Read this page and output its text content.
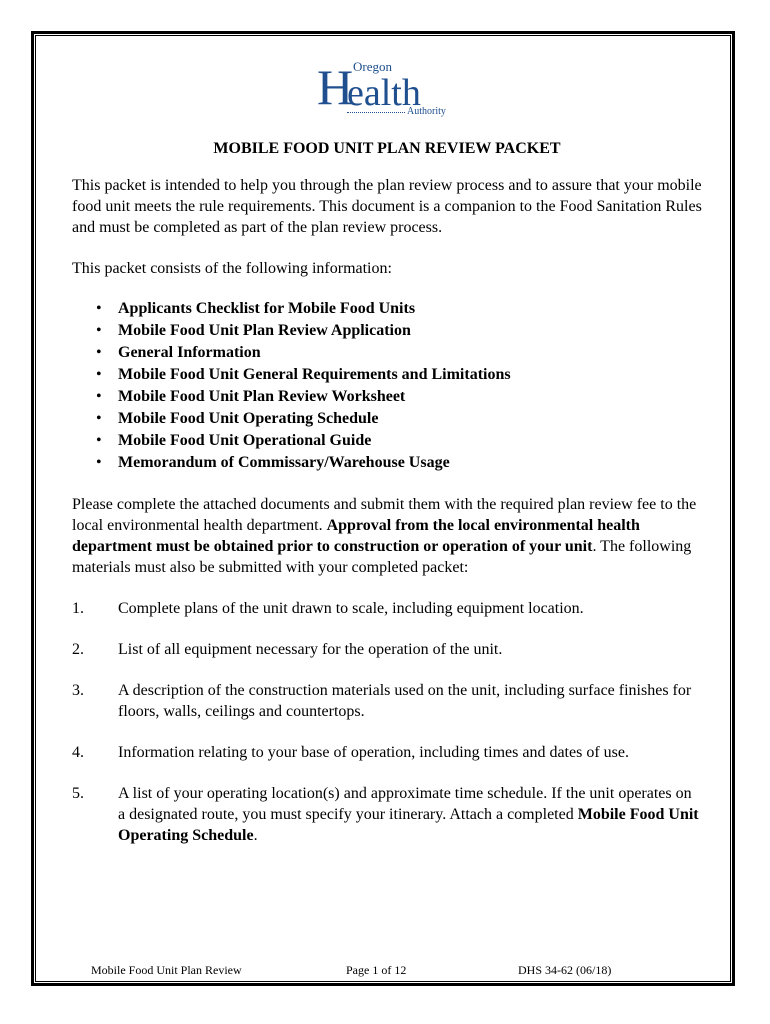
H Oregon
ealth
Authority

MOBILE FOOD UNIT PLAN REVIEW PACKET

This packet is intended to help you through the plan review process and to assure that your mobile food unit meets the rule requirements. This document is a companion to the Food Sanitation Rules and must be completed as part of the plan review process.

This packet consists of the following information:

• Applicants Checklist for Mobile Food Units
• Mobile Food Unit Plan Review Application
• General Information
• Mobile Food Unit General Requirements and Limitations
• Mobile Food Unit Plan Review Worksheet
• Mobile Food Unit Operating Schedule
• Mobile Food Unit Operational Guide
• Memorandum of Commissary/Warehouse Usage

Please complete the attached documents and submit them with the required plan review fee to the local environmental health department. Approval from the local environmental health department must be obtained prior to construction or operation of your unit. The following materials must also be submitted with your completed packet:

1. Complete plans of the unit drawn to scale, including equipment location.
2. List of all equipment necessary for the operation of the unit.
3. A description of the construction materials used on the unit, including surface finishes for floors, walls, ceilings and countertops.
4. Information relating to your base of operation, including times and dates of use.
5. A list of your operating location(s) and approximate time schedule. If the unit operates on a designated route, you must specify your itinerary. Attach a completed Mobile Food Unit Operating Schedule.
Mobile Food Unit Plan Review	Page 1 of 12	DHS 34-62 (06/18)
